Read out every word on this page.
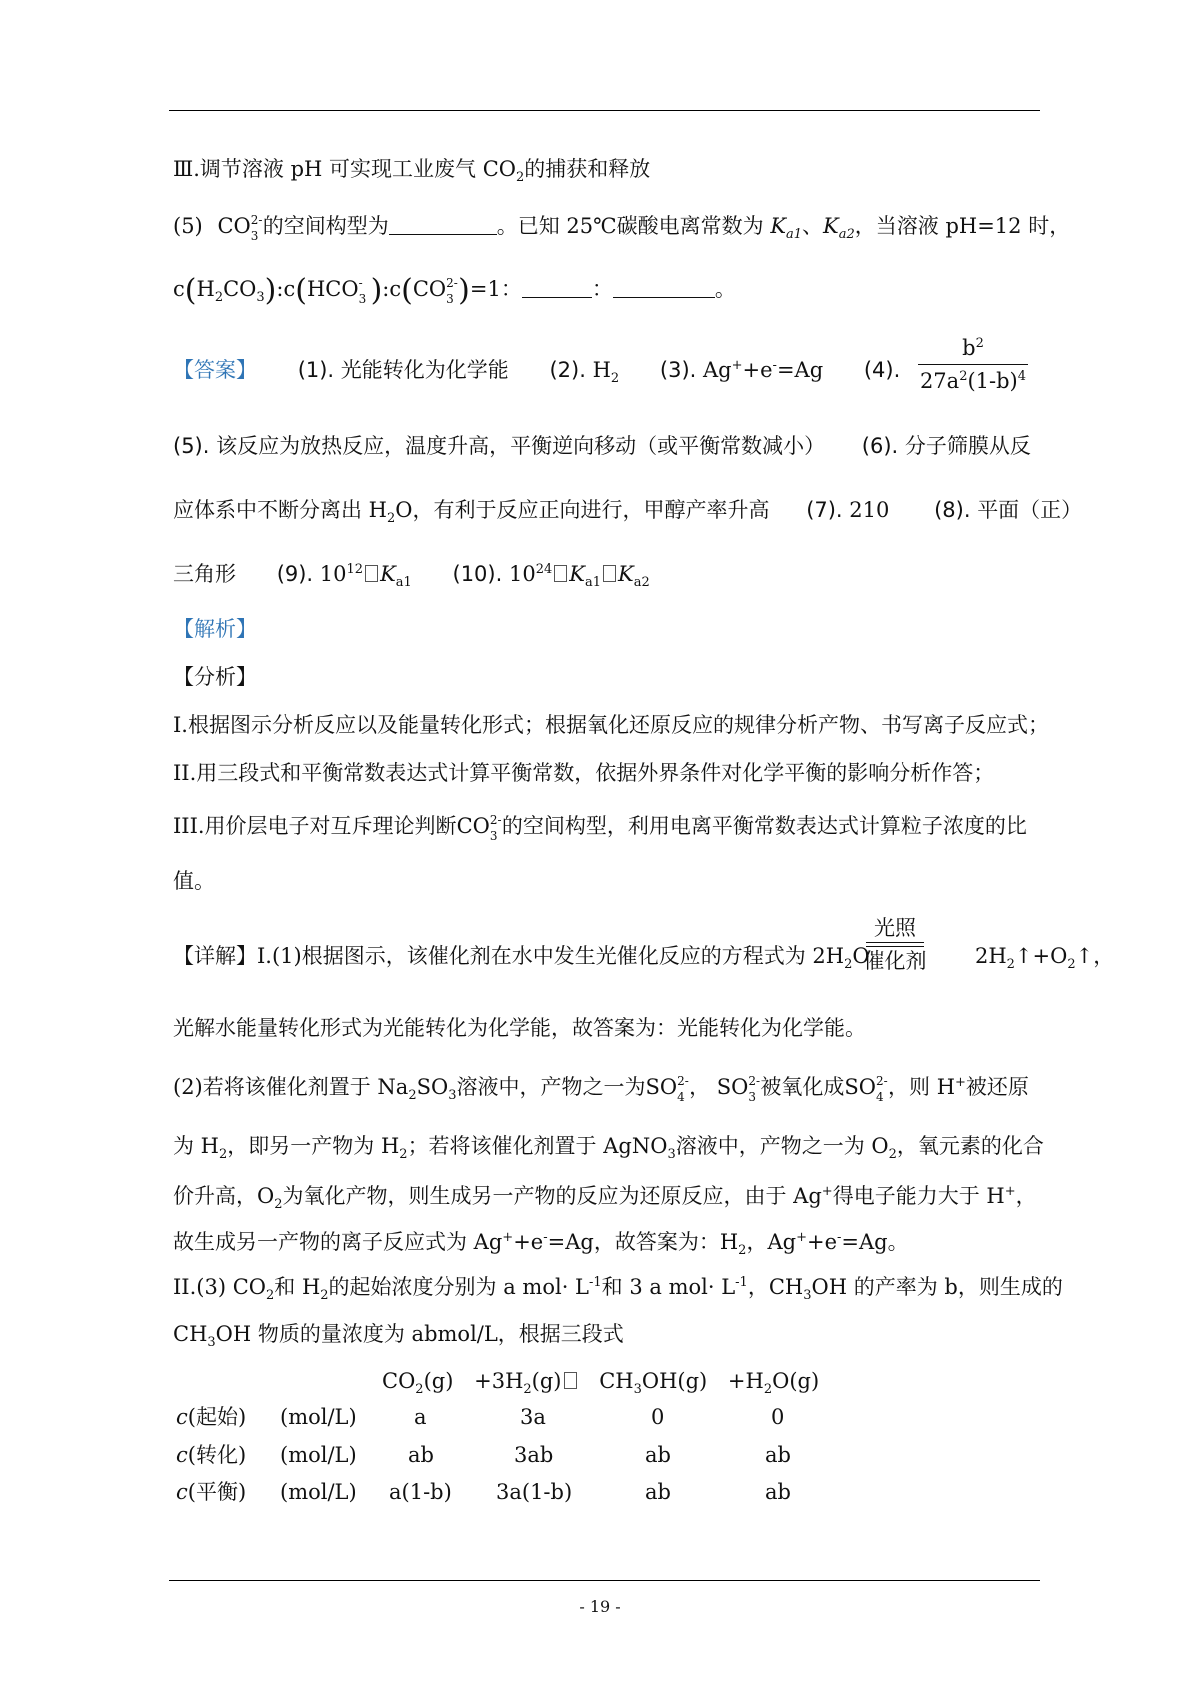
Ⅲ.调节溶液 pH 可实现工业废气 $CO_2$的捕获和释放
(5) CO 2-
3 的空间构型为	。已知 25℃碳酸电离常数为 $K_{a1}$、$K_{a2}$，当溶液 pH=12 时，
$c(H_2CO_3):c(HCO$ -
3 ):c(CO 2-
3 )=1：	：	。
【答案】 (1). 光能转化为化学能 (2). $H_2$ (3). Ag++e-=Ag (4). $\frac{b^2}{27a^2(1-b)^4}$
(5). 该反应为放热反应，温度升高，平衡逆向移动（或平衡常数减小） (6). 分子筛膜从反
应体系中不断分离出 $H_2O$，有利于反应正向进行，甲醇产率升高 (7). 210 (8). 平面（正）
三角形 (9). $10^{12}$ $K_{a1}$ (10). $10^{24}$ $K_{a1}$ $K_{a2}$
【解析】
【分析】
I.根据图示分析反应以及能量转化形式；根据氧化还原反应的规律分析产物、书写离子反应式；
II.用三段式和平衡常数表达式计算平衡常数，依据外界条件对化学平衡的影响分析作答；
III.用价层电子对互斥理论判断CO 2-
3 的空间构型，利用电离平衡常数表达式计算粒子浓度的比
值。
【详解】I.(1)根据图示，该催化剂在水中发生光催化反应的方程式为 $2H_2O$	$2H_2↑+O_2↑$，
光照
催化剂
光解水能量转化形式为光能转化为化学能，故答案为：光能转化为化学能。
(2)若将该催化剂置于 $Na_2SO_3$溶液中，产物之一为SO 2-
4 ， SO 2-
3 被氧化成SO 2-
4 ，则 H+被还原
为 $H_2$，即另一产物为 $H_2$；若将该催化剂置于 AgNO$_3$溶液中，产物之一为 $O_2$，氧元素的化合
价升高，$O_2$为氧化产物，则生成另一产物的反应为还原反应，由于 Ag+得电子能力大于 H+，
故生成另一产物的离子反应式为 Ag++e-=Ag，故答案为：$H_2$，Ag++e-=Ag。
II.(3) $CO_2$和 $H_2$的起始浓度分别为 a $mol\cdot L^{-1}$和 3 a $mol\cdot L^{-1}$，$CH_3OH$ 的产率为 b，则生成的
$CH_3OH$ 物质的量浓度为 abmol/L，根据三段式
$CO_2(g) +3H_2(g)$ $CH_3OH(g) +H_2O(g)$
c(起始) (mol/L)	a	3a	0	0
c(转化) (mol/L) ab	3ab	ab	ab
c(平衡) (mol/L) a(1-b) 3a(1-b)	ab	ab
- 19 -
